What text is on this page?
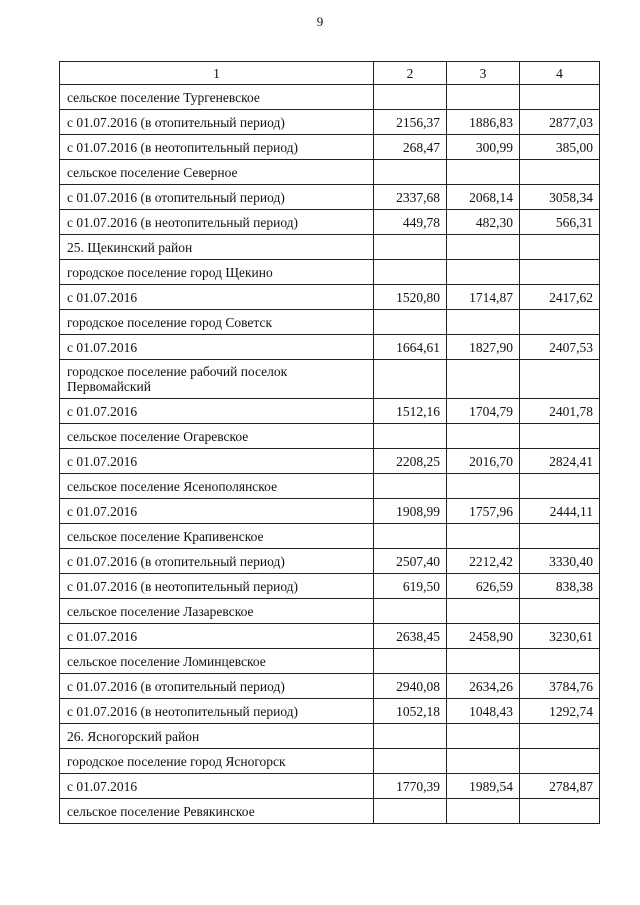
9
1	2	3	4
сельское поселение Тургеневское			
с 01.07.2016 (в отопительный период)	2156,37	1886,83	2877,03
с 01.07.2016 (в неотопительный период)	268,47	300,99	385,00
сельское поселение Северное			
с 01.07.2016 (в отопительный период)	2337,68	2068,14	3058,34
с 01.07.2016 (в неотопительный период)	449,78	482,30	566,31
25. Щекинский район			
городское поселение город Щекино			
с 01.07.2016	1520,80	1714,87	2417,62
городское поселение город Советск			
с 01.07.2016	1664,61	1827,90	2407,53
городское поселение рабочий поселок Первомайский			
с 01.07.2016	1512,16	1704,79	2401,78
сельское поселение Огаревское			
с 01.07.2016	2208,25	2016,70	2824,41
сельское поселение Ясенополянское			
с 01.07.2016	1908,99	1757,96	2444,11
сельское поселение Крапивенское			
с 01.07.2016 (в отопительный период)	2507,40	2212,42	3330,40
с 01.07.2016 (в неотопительный период)	619,50	626,59	838,38
сельское поселение Лазаревское			
с 01.07.2016	2638,45	2458,90	3230,61
сельское поселение Ломинцевское			
с 01.07.2016 (в отопительный период)	2940,08	2634,26	3784,76
с 01.07.2016 (в неотопительный период)	1052,18	1048,43	1292,74
26. Ясногорский район			
городское поселение город Ясногорск			
с 01.07.2016	1770,39	1989,54	2784,87
сельское поселение Ревякинское			
